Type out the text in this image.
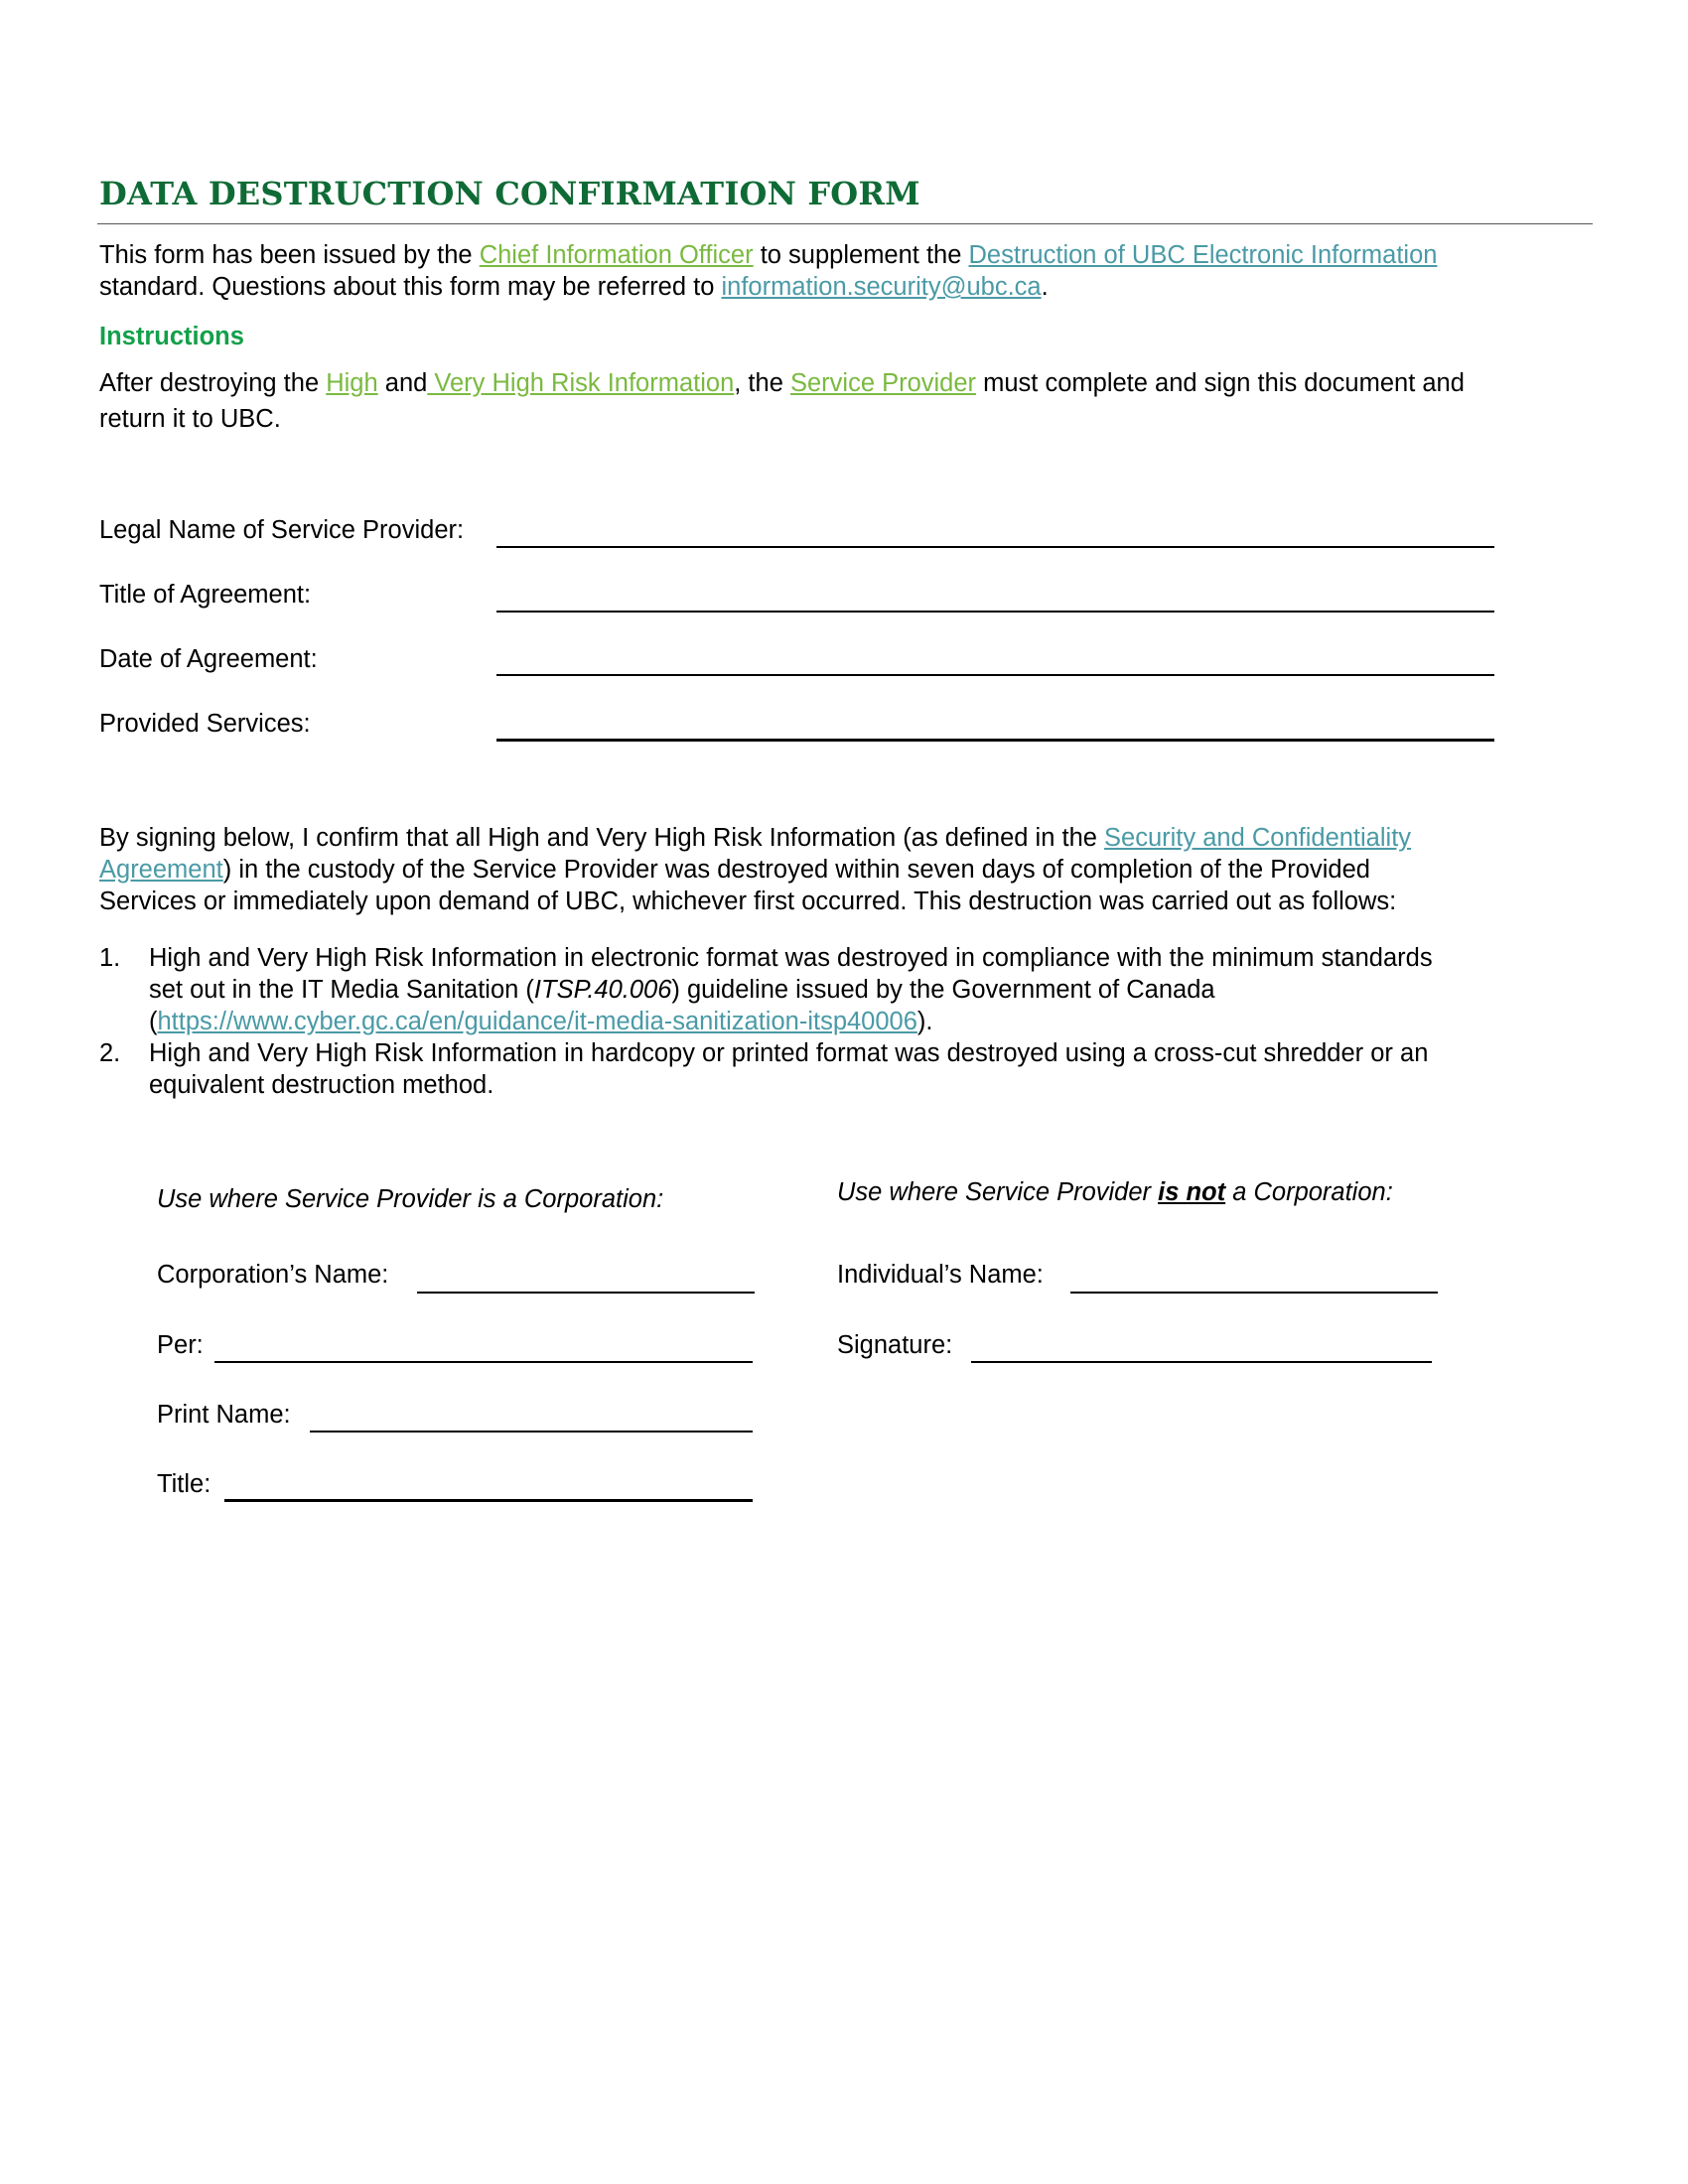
DATA DESTRUCTION CONFIRMATION FORM
This form has been issued by the Chief Information Officer to supplement the Destruction of UBC Electronic Information
standard. Questions about this form may be referred to information.security@ubc.ca.
Instructions
After destroying the High and Very High Risk Information, the Service Provider must complete and sign this document and
return it to UBC.
Legal Name of Service Provider:
Title of Agreement:
Date of Agreement:
Provided Services:
By signing below, I confirm that all High and Very High Risk Information (as defined in the Security and Confidentiality
Agreement) in the custody of the Service Provider was destroyed within seven days of completion of the Provided
Services or immediately upon demand of UBC, whichever first occurred. This destruction was carried out as follows:
1. High and Very High Risk Information in electronic format was destroyed in compliance with the minimum standards
set out in the IT Media Sanitation (ITSP.40.006) guideline issued by the Government of Canada
(https://www.cyber.gc.ca/en/guidance/it-media-sanitization-itsp40006).
2. High and Very High Risk Information in hardcopy or printed format was destroyed using a cross-cut shredder or an
equivalent destruction method.
Use where Service Provider is a Corporation:
Corporation’s Name:
Per:
Print Name:
Title:
Use where Service Provider is not a Corporation:
Individual’s Name:
Signature:
